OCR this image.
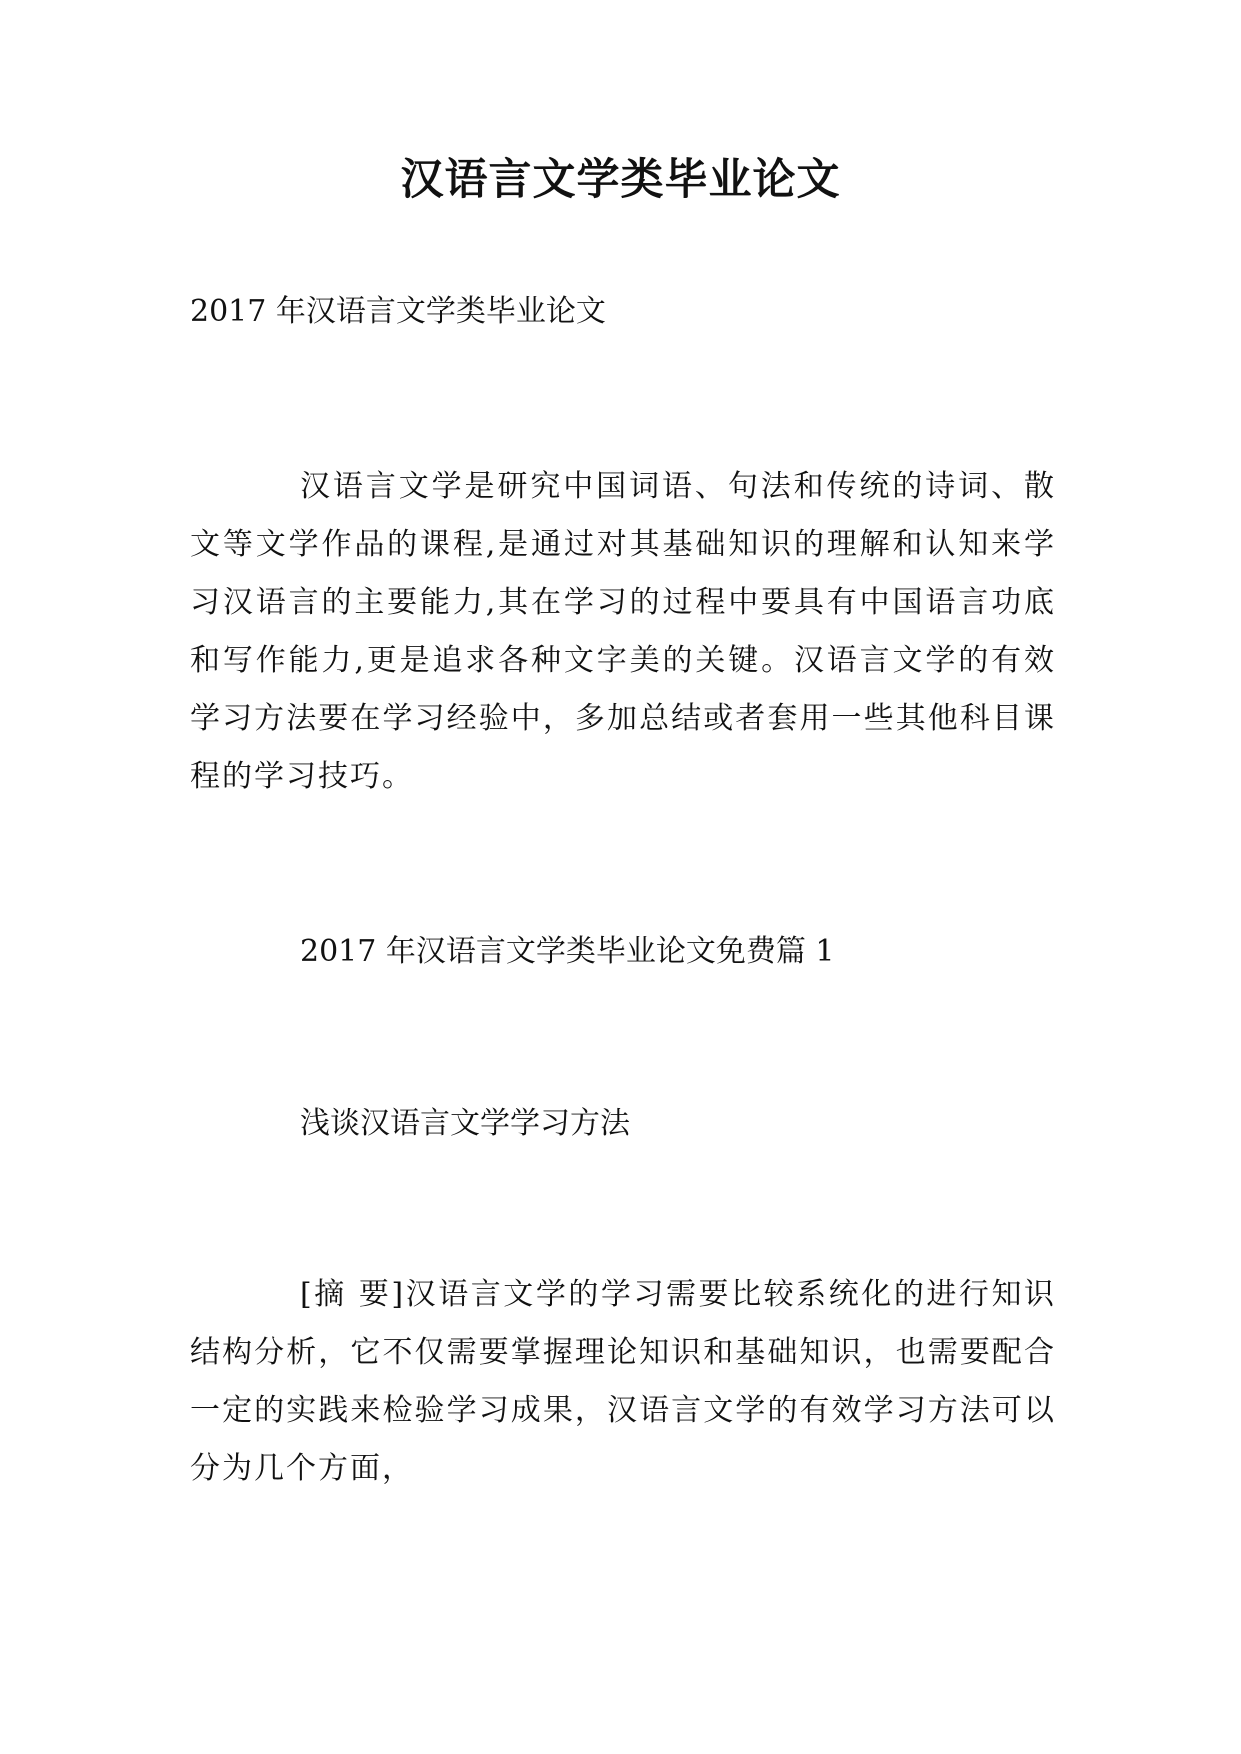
汉语言文学类毕业论文

2017 年汉语言文学类毕业论文

汉语言文学是研究中国词语、句法和传统的诗词、散文等文学作品的课程,是通过对其基础知识的理解和认知来学习汉语言的主要能力,其在学习的过程中要具有中国语言功底和写作能力,更是追求各种文字美的关键。汉语言文学的有效学习方法要在学习经验中，多加总结或者套用一些其他科目课程的学习技巧。

2017 年汉语言文学类毕业论文免费篇 1

浅谈汉语言文学学习方法

[摘 要]汉语言文学的学习需要比较系统化的进行知识结构分析，它不仅需要掌握理论知识和基础知识，也需要配合一定的实践来检验学习成果，汉语言文学的有效学习方法可以分为几个方面，
